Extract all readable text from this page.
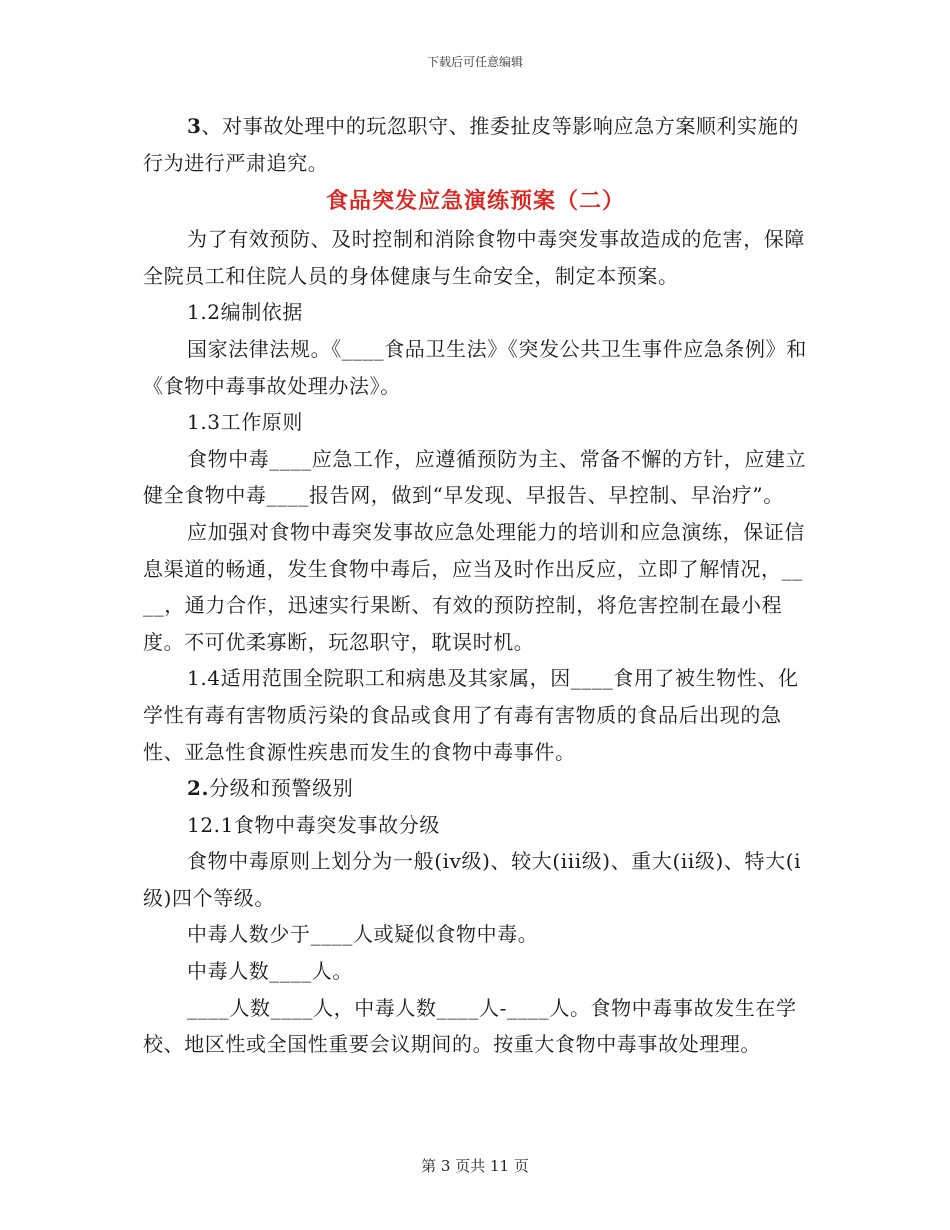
下载后可任意编辑

3、对事故处理中的玩忽职守、推委扯皮等影响应急方案顺利实施的行为进行严肃追究。

食品突发应急演练预案（二）

为了有效预防、及时控制和消除食物中毒突发事故造成的危害，保障全院员工和住院人员的身体健康与生命安全，制定本预案。

1.2编制依据

国家法律法规。《____食品卫生法》《突发公共卫生事件应急条例》和《食物中毒事故处理办法》。

1.3工作原则

食物中毒____应急工作，应遵循预防为主、常备不懈的方针，应建立健全食物中毒____报告网，做到“早发现、早报告、早控制、早治疗”。

应加强对食物中毒突发事故应急处理能力的培训和应急演练，保证信息渠道的畅通，发生食物中毒后，应当及时作出反应，立即了解情况，____，通力合作，迅速实行果断、有效的预防控制，将危害控制在最小程度。不可优柔寡断，玩忽职守，耽误时机。

1.4适用范围全院职工和病患及其家属，因____食用了被生物性、化学性有毒有害物质污染的食品或食用了有毒有害物质的食品后出现的急性、亚急性食源性疾患而发生的食物中毒事件。

2.分级和预警级别

12.1食物中毒突发事故分级

食物中毒原则上划分为一般(iv级)、较大(iii级)、重大(ii级)、特大(i级)四个等级。

中毒人数少于____人或疑似食物中毒。

中毒人数____人。

____人数____人，中毒人数____人-____人。食物中毒事故发生在学校、地区性或全国性重要会议期间的。按重大食物中毒事故处理理。

第 3 页共 11 页
